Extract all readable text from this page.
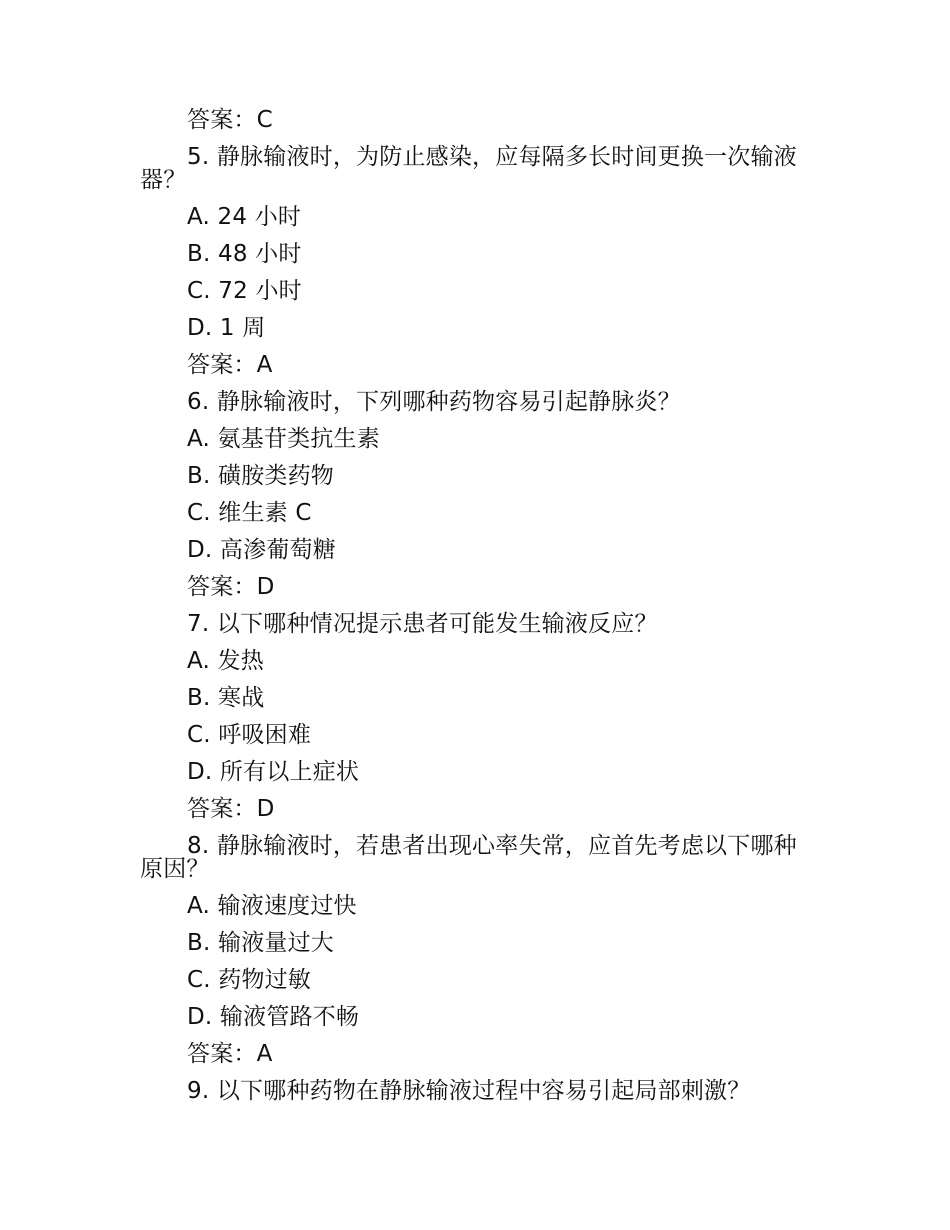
答案：C
5. 静脉输液时，为防止感染，应每隔多长时间更换一次输液器？
A. 24 小时
B. 48 小时
C. 72 小时
D. 1 周
答案：A
6. 静脉输液时，下列哪种药物容易引起静脉炎？
A. 氨基苷类抗生素
B. 磺胺类药物
C. 维生素 C
D. 高渗葡萄糖
答案：D
7. 以下哪种情况提示患者可能发生输液反应？
A. 发热
B. 寒战
C. 呼吸困难
D. 所有以上症状
答案：D
8. 静脉输液时，若患者出现心率失常，应首先考虑以下哪种原因？
A. 输液速度过快
B. 输液量过大
C. 药物过敏
D. 输液管路不畅
答案：A
9. 以下哪种药物在静脉输液过程中容易引起局部刺激？
